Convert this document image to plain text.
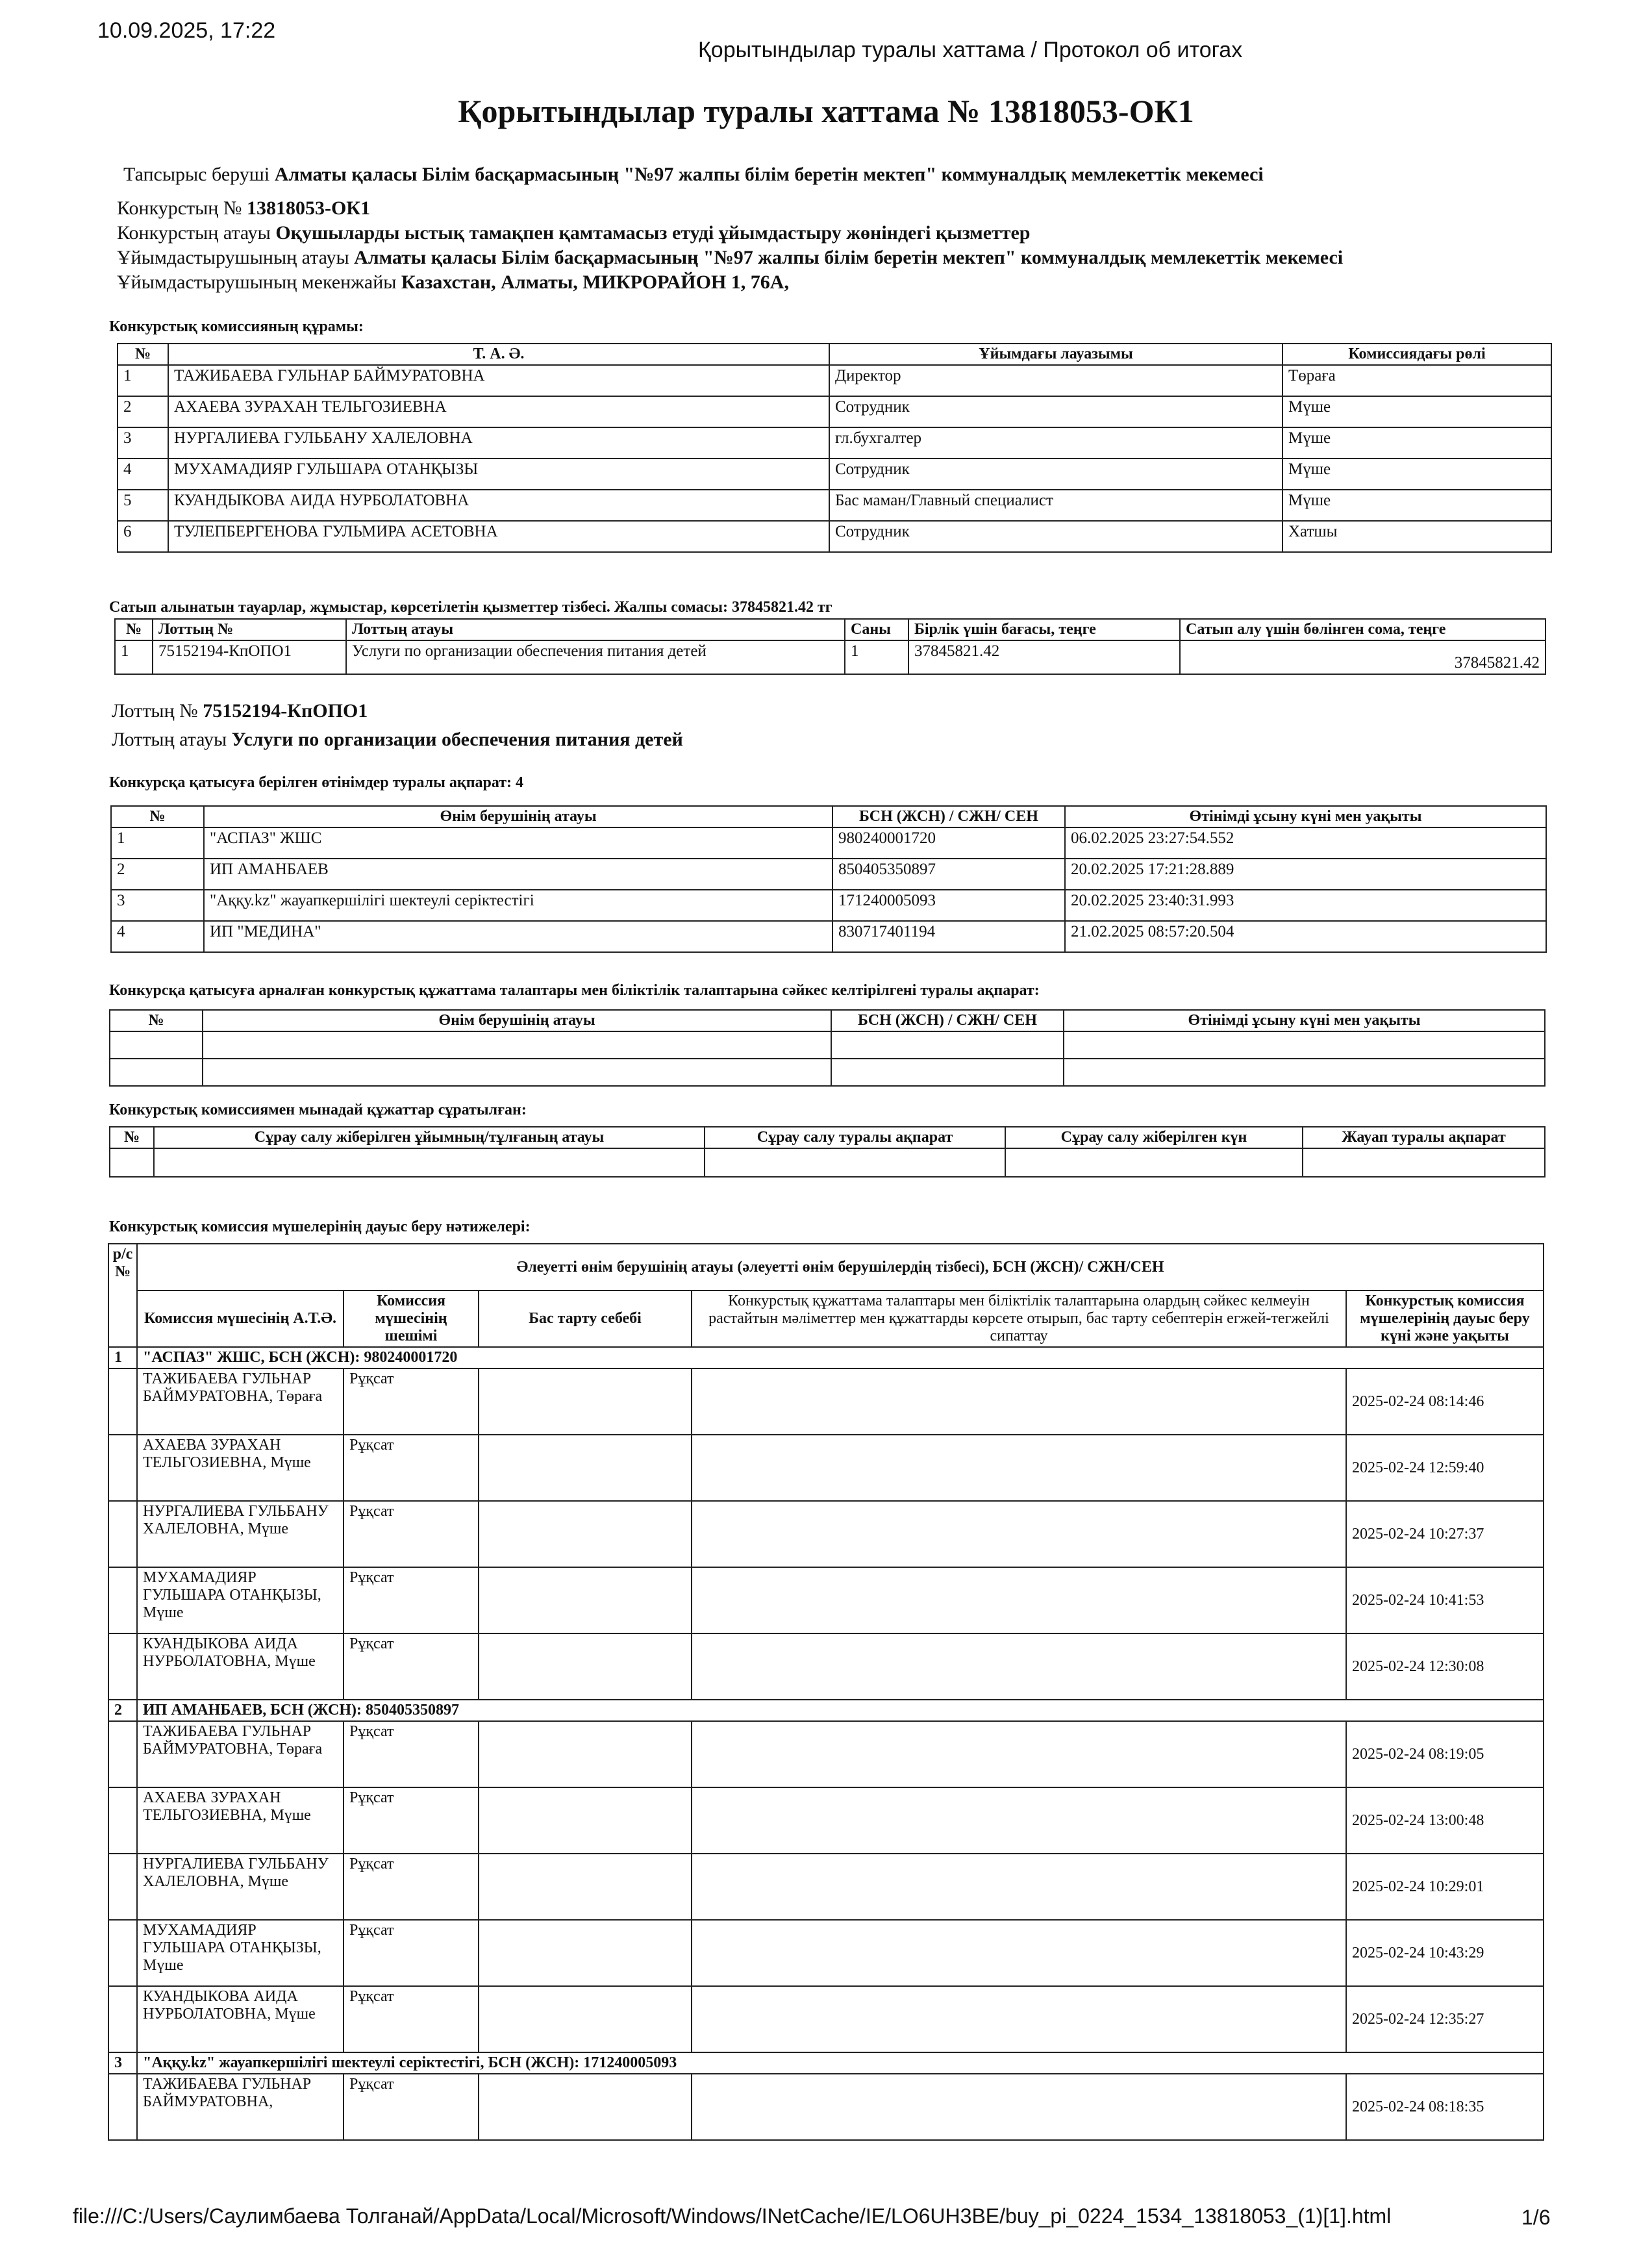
10.09.2025, 17:22
Қорытындылар туралы хаттама / Протокол об итогах
Қорытындылар туралы хаттама № 13818053-ОК1
Тапсырыс беруші Алматы қаласы Білім басқармасының "№97 жалпы білім беретін мектеп" коммуналдық мемлекеттік мекемесі
Конкурстың № 13818053-ОК1
Конкурстың атауы Оқушыларды ыстық тамақпен қамтамасыз етуді ұйымдастыру жөніндегі қызметтер
Ұйымдастырушының атауы Алматы қаласы Білім басқармасының "№97 жалпы білім беретін мектеп" коммуналдық мемлекеттік мекемесі
Ұйымдастырушының мекенжайы Казахстан, Алматы, МИКРОРАЙОН 1, 76А,
Конкурстық комиссияның құрамы:
№	Т. А. Ә.	Ұйымдағы лауазымы	Комиссиядағы рөлі
1	ТАЖИБАЕВА ГУЛЬНАР БАЙМУРАТОВНА	Директор	Төраға
2	АХАЕВА ЗУРАХАН ТЕЛЬГОЗИЕВНА	Сотрудник	Мүше
3	НУРГАЛИЕВА ГУЛЬБАНУ ХАЛЕЛОВНА	гл.бухгалтер	Мүше
4	МУХАМАДИЯР ГУЛЬШАРА ОТАНҚЫЗЫ	Сотрудник	Мүше
5	КУАНДЫКОВА АИДА НУРБОЛАТОВНА	Бас маман/Главный специалист	Мүше
6	ТУЛЕПБЕРГЕНОВА ГУЛЬМИРА АСЕТОВНА	Сотрудник	Хатшы
Сатып алынатын тауарлар, жұмыстар, көрсетілетін қызметтер тізбесі. Жалпы сомасы: 37845821.42 тг
№	Лоттың №	Лоттың атауы	Саны	Бірлік үшін бағасы, теңге	Сатып алу үшін бөлінген сома, теңге
1	75152194-КпОПО1	Услуги по организации обеспечения питания детей	1	37845821.42	37845821.42
Лоттың № 75152194-КпОПО1
Лоттың атауы Услуги по организации обеспечения питания детей
Конкурсқа қатысуға берілген өтінімдер туралы ақпарат: 4
№	Өнім берушінің атауы	БСН (ЖСН) / СЖН/ СЕН	Өтінімді ұсыну күні мен уақыты
1	"АСПАЗ" ЖШС	980240001720	06.02.2025 23:27:54.552
2	ИП АМАНБАЕВ	850405350897	20.02.2025 17:21:28.889
3	"Аққу.kz" жауапкершілігі шектеулі серіктестігі	171240005093	20.02.2025 23:40:31.993
4	ИП "МЕДИНА"	830717401194	21.02.2025 08:57:20.504
Конкурсқа қатысуға арналған конкурстық құжаттама талаптары мен біліктілік талаптарына сәйкес келтірілгені туралы ақпарат:
№	Өнім берушінің атауы	БСН (ЖСН) / СЖН/ СЕН	Өтінімді ұсыну күні мен уақыты

Конкурстық комиссиямен мынадай құжаттар сұратылған:
№	Сұрау салу жіберілген ұйымның/тұлғаның атауы	Сұрау салу туралы ақпарат	Сұрау салу жіберілген күн	Жауап туралы ақпарат

Конкурстық комиссия мүшелерінің дауыс беру нәтижелері:
р/с №	Әлеуетті өнім берушінің атауы (әлеуетті өнім берушілердің тізбесі), БСН (ЖСН)/ СЖН/СЕН				
	Комиссия мүшесінің А.Т.Ә.	Комиссия мүшесінің шешімі	Бас тарту себебі	Конкурстық құжаттама талаптары мен біліктілік талаптарына олардың сәйкес келмеуін растайтын мәліметтер мен құжаттарды көрсете отырып, бас тарту себептерін егжей-тегжейлі сипаттау	Конкурстық комиссия мүшелерінің дауыс беру күні және уақыты
1	"АСПАЗ" ЖШС, БСН (ЖСН): 980240001720				
	ТАЖИБАЕВА ГУЛЬНАР БАЙМУРАТОВНА, Төраға	Рұқсат			2025-02-24 08:14:46
	АХАЕВА ЗУРАХАН ТЕЛЬГОЗИЕВНА, Мүше	Рұқсат			2025-02-24 12:59:40
	НУРГАЛИЕВА ГУЛЬБАНУ ХАЛЕЛОВНА, Мүше	Рұқсат			2025-02-24 10:27:37
	МУХАМАДИЯР ГУЛЬШАРА ОТАНҚЫЗЫ, Мүше	Рұқсат			2025-02-24 10:41:53
	КУАНДЫКОВА АИДА НУРБОЛАТОВНА, Мүше	Рұқсат			2025-02-24 12:30:08
2	ИП АМАНБАЕВ, БСН (ЖСН): 850405350897				
	ТАЖИБАЕВА ГУЛЬНАР БАЙМУРАТОВНА, Төраға	Рұқсат			2025-02-24 08:19:05
	АХАЕВА ЗУРАХАН ТЕЛЬГОЗИЕВНА, Мүше	Рұқсат			2025-02-24 13:00:48
	НУРГАЛИЕВА ГУЛЬБАНУ ХАЛЕЛОВНА, Мүше	Рұқсат			2025-02-24 10:29:01
	МУХАМАДИЯР ГУЛЬШАРА ОТАНҚЫЗЫ, Мүше	Рұқсат			2025-02-24 10:43:29
	КУАНДЫКОВА АИДА НУРБОЛАТОВНА, Мүше	Рұқсат			2025-02-24 12:35:27
3	"Аққу.kz" жауапкершілігі шектеулі серіктестігі, БСН (ЖСН): 171240005093				
	ТАЖИБАЕВА ГУЛЬНАР БАЙМУРАТОВНА,	Рұқсат			2025-02-24 08:18:35
file:///C:/Users/Саулимбаева Толганай/AppData/Local/Microsoft/Windows/INetCache/IE/LO6UH3BE/buy_pi_0224_1534_13818053_(1)[1].html	1/6
